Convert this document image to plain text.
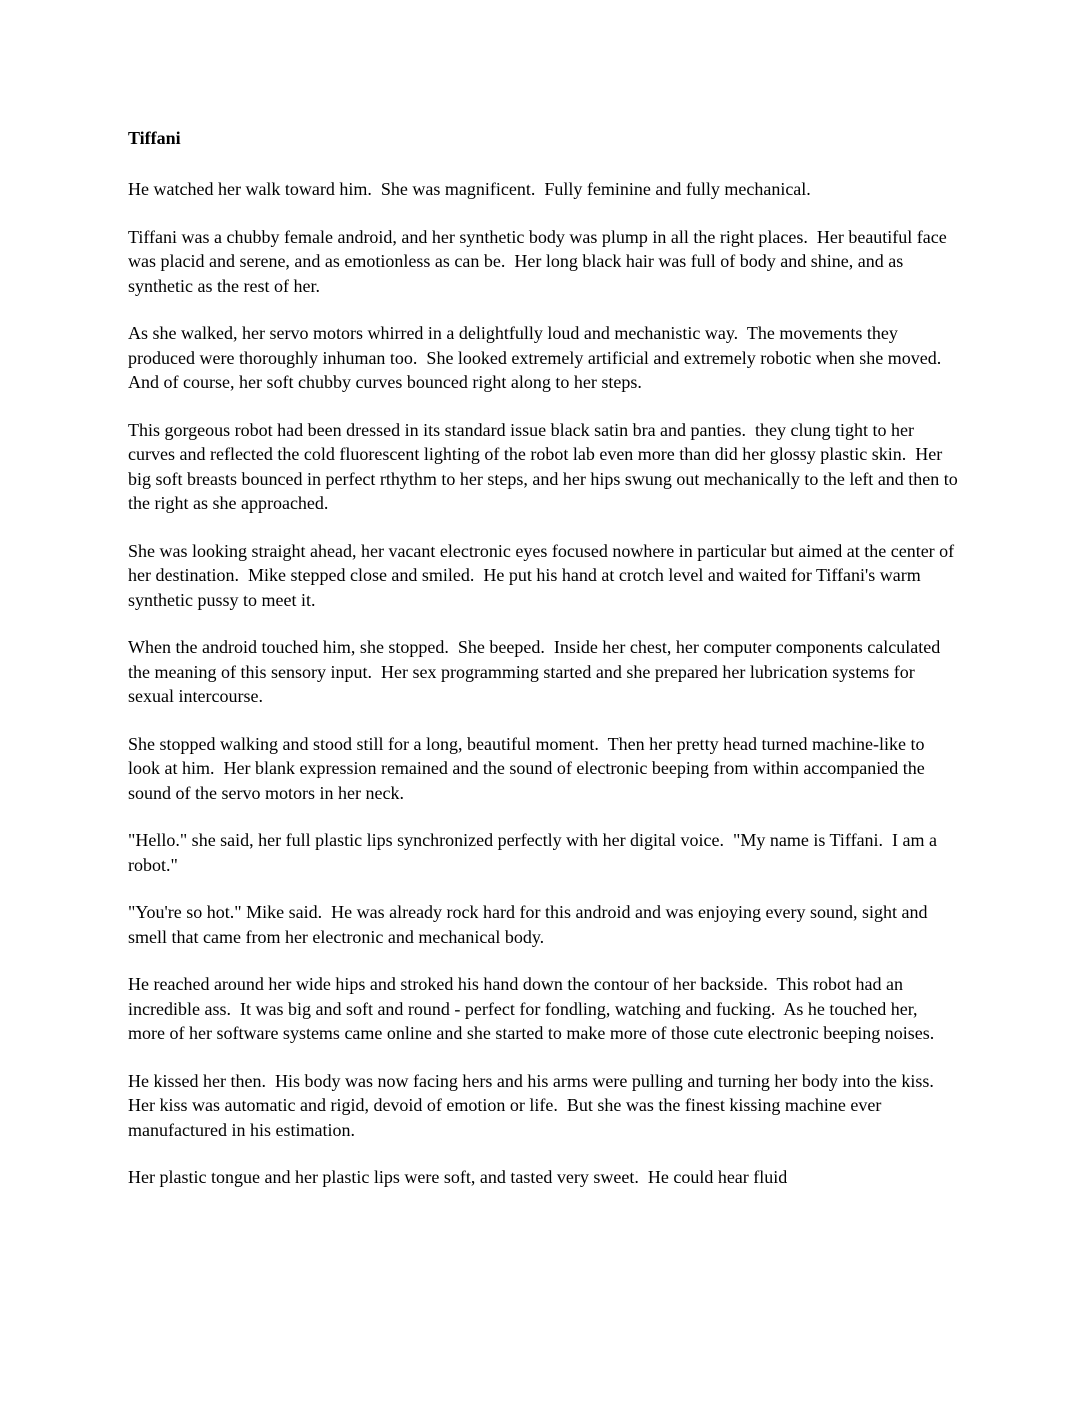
Tiffani

He watched her walk toward him.  She was magnificent.  Fully feminine and fully mechanical.

Tiffani was a chubby female android, and her synthetic body was plump in all the right places.  Her beautiful face was placid and serene, and as emotionless as can be.  Her long black hair was full of body and shine, and as synthetic as the rest of her.

As she walked, her servo motors whirred in a delightfully loud and mechanistic way.  The movements they produced were thoroughly inhuman too.  She looked extremely artificial and extremely robotic when she moved.  And of course, her soft chubby curves bounced right along to her steps.

This gorgeous robot had been dressed in its standard issue black satin bra and panties.  they clung tight to her curves and reflected the cold fluorescent lighting of the robot lab even more than did her glossy plastic skin.  Her big soft breasts bounced in perfect rthythm to her steps, and her hips swung out mechanically to the left and then to the right as she approached.

She was looking straight ahead, her vacant electronic eyes focused nowhere in particular but aimed at the center of her destination.  Mike stepped close and smiled.  He put his hand at crotch level and waited for Tiffani's warm synthetic pussy to meet it.

When the android touched him, she stopped.  She beeped.  Inside her chest, her computer components calculated the meaning of this sensory input.  Her sex programming started and she prepared her lubrication systems for sexual intercourse.

She stopped walking and stood still for a long, beautiful moment.  Then her pretty head turned machine-like to look at him.  Her blank expression remained and the sound of electronic beeping from within accompanied the sound of the servo motors in her neck.

"Hello." she said, her full plastic lips synchronized perfectly with her digital voice.  "My name is Tiffani.  I am a robot."

"You're so hot." Mike said.  He was already rock hard for this android and was enjoying every sound, sight and smell that came from her electronic and mechanical body.

He reached around her wide hips and stroked his hand down the contour of her backside.  This robot had an incredible ass.  It was big and soft and round - perfect for fondling, watching and fucking.  As he touched her, more of her software systems came online and she started to make more of those cute electronic beeping noises.

He kissed her then.  His body was now facing hers and his arms were pulling and turning her body into the kiss.  Her kiss was automatic and rigid, devoid of emotion or life.  But she was the finest kissing machine ever manufactured in his estimation.

Her plastic tongue and her plastic lips were soft, and tasted very sweet.  He could hear fluid
